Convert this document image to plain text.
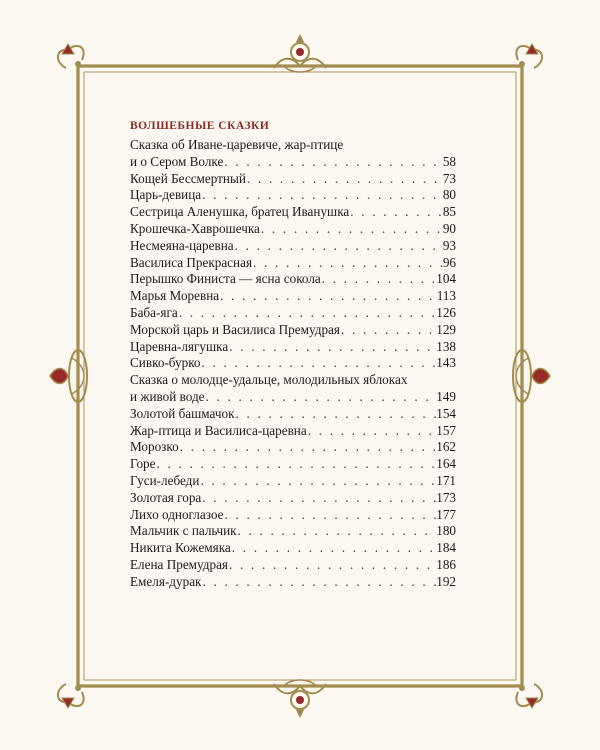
ВОЛШЕБНЫЕ СКАЗКИ
Сказка об Иване-царевиче, жар-птице
и о Сером Волке . . .	58
Кощей Бессмертный . . .	73
Царь-девица . . .	80
Сестрица Аленушка, братец Иванушка . . .	85
Крошечка-Хаврошечка . . .	90
Несмеяна-царевна . . .	93
Василиса Прекрасная . . .	96
Перышко Финиста — ясна сокола . . .	104
Марья Моревна . . .	113
Баба-яга . . .	126
Морской царь и Василиса Премудрая . . .	129
Царевна-лягушка . . .	138
Сивко-бурко . . .	143
Сказка о молодце-удальце, молодильных яблоках
и живой воде . . .	149
Золотой башмачок . . .	154
Жар-птица и Василиса-царевна . . .	157
Морозко . . .	162
Горе . . .	164
Гуси-лебеди . . .	171
Золотая гора . . .	173
Лихо одноглазое . . .	177
Мальчик с пальчик . . .	180
Никита Кожемяка . . .	184
Елена Премудрая . . .	186
Емеля-дурак . . .	192
